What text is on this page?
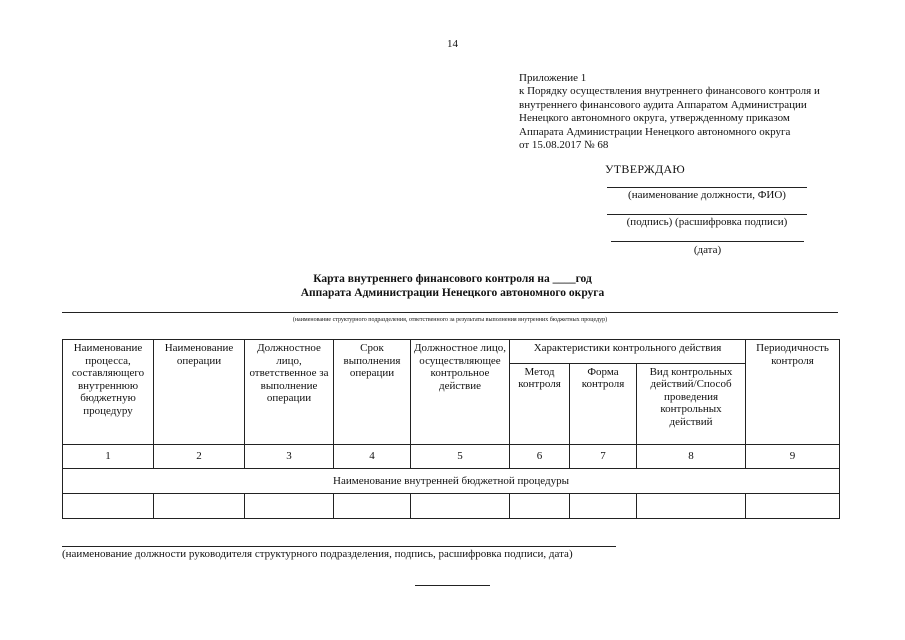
14
Приложение 1
к Порядку осуществления внутреннего финансового контроля и
внутреннего финансового аудита Аппаратом Администрации
Ненецкого автономного округа, утвержденному приказом
Аппарата Администрации Ненецкого автономного округа
от 15.08.2017 № 68
УТВЕРЖДАЮ
(наименование должности, ФИО)
(подпись) (расшифровка подписи)
(дата)
Карта внутреннего финансового контроля на ____год
Аппарата Администрации Ненецкого автономного округа
(наименование структурного подразделения, ответственного за результаты выполнения внутренних бюджетных процедур)
Наименование процесса, составляющего внутреннюю бюджетную процедуру	Наименование операции	Должностное лицо, ответственное за выполнение операции	Срок выполнения операции	Должностное лицо, осуществляющее контрольное действие	Характеристики контрольного действия			Периодичность контроля
					Метод контроля	Форма контроля	Вид контрольных действий/Способ проведения контрольных действий	
1	2	3	4	5	6	7	8	9
Наименование внутренней бюджетной процедуры								

(наименование должности руководителя структурного подразделения, подпись, расшифровка подписи, дата)
